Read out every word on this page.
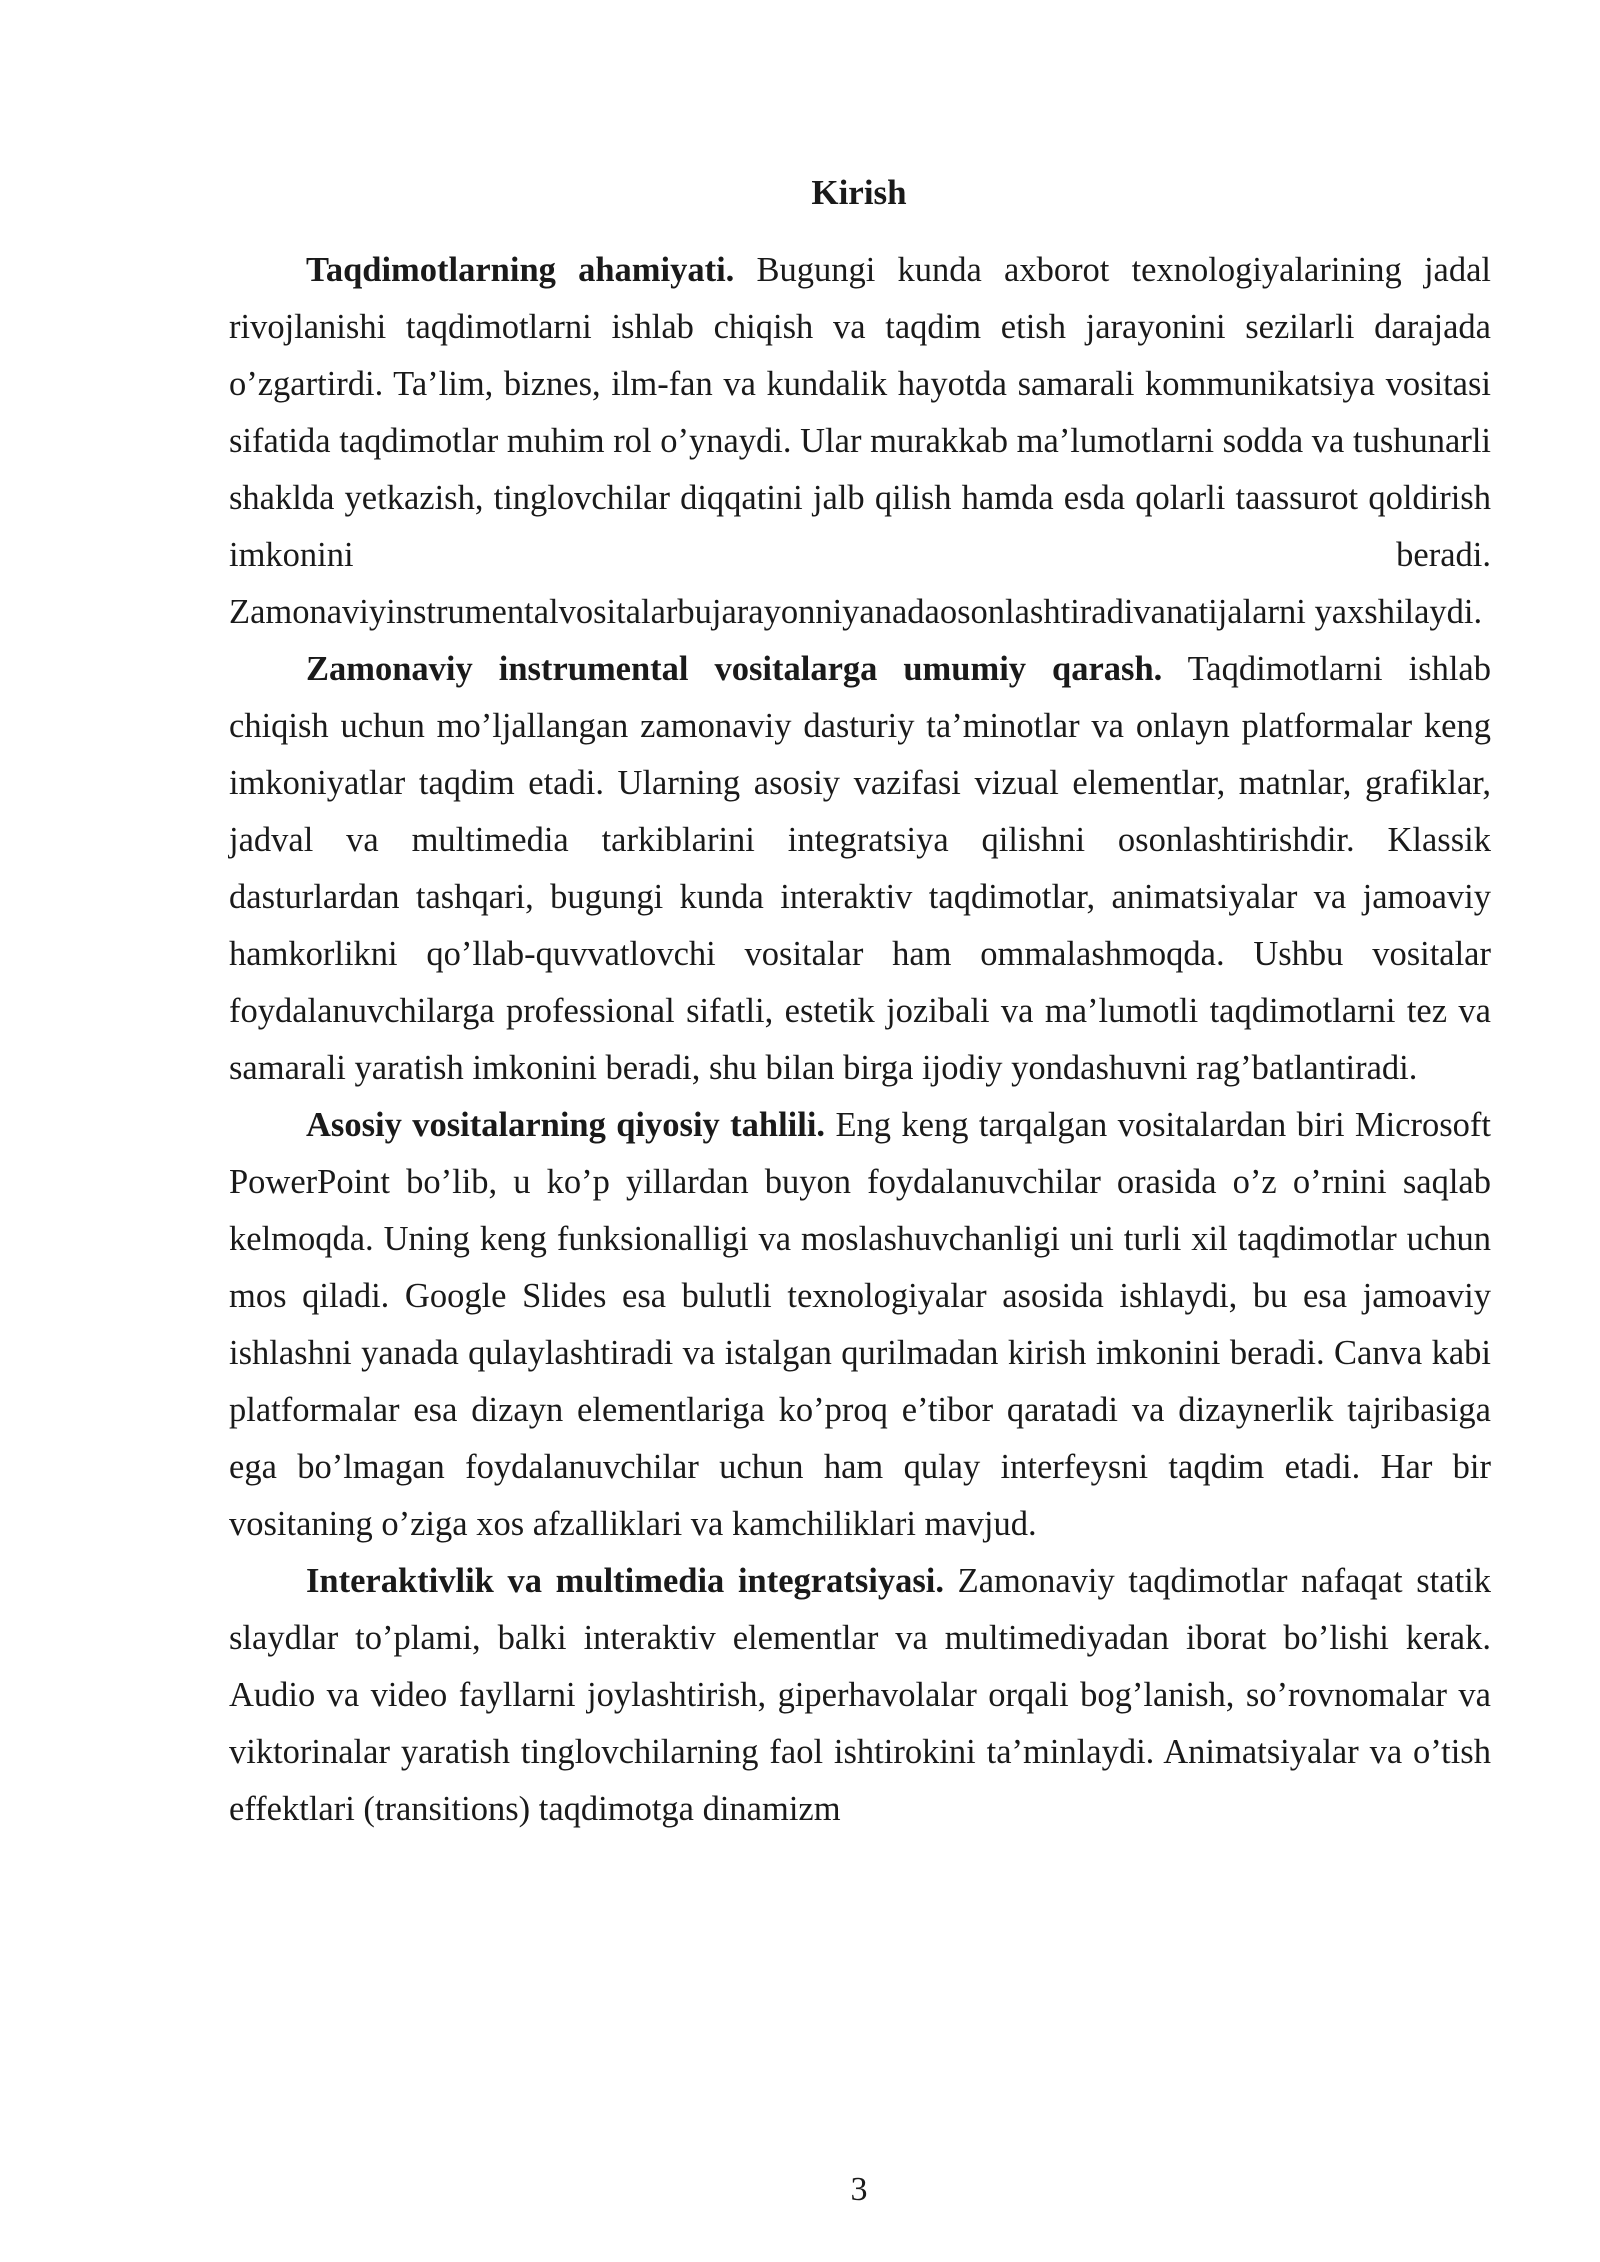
Kirish

Taqdimotlarning ahamiyati. Bugungi kunda axborot texnologiyalarining jadal rivojlanishi taqdimotlarni ishlab chiqish va taqdim etish jarayonini sezilarli darajada o’zgartirdi. Ta’lim, biznes, ilm-fan va kundalik hayotda samarali kommunikatsiya vositasi sifatida taqdimotlar muhim rol o’ynaydi. Ular murakkab ma’lumotlarni sodda va tushunarli shaklda yetkazish, tinglovchilar diqqatini jalb qilish hamda esda qolarli taassurot qoldirish imkonini beradi. Zamonaviyinstrumentalvositalarbujarayonniyanadaosonlashtiradivanatijalarni yaxshilaydi.

Zamonaviy instrumental vositalarga umumiy qarash. Taqdimotlarni ishlab chiqish uchun mo’ljallangan zamonaviy dasturiy ta’minotlar va onlayn platformalar keng imkoniyatlar taqdim etadi. Ularning asosiy vazifasi vizual elementlar, matnlar, grafiklar, jadval va multimedia tarkiblarini integratsiya qilishni osonlashtirishdir. Klassik dasturlardan tashqari, bugungi kunda interaktiv taqdimotlar, animatsiyalar va jamoaviy hamkorlikni qo’llab-quvvatlovchi vositalar ham ommalashmoqda. Ushbu vositalar foydalanuvchilarga professional sifatli, estetik jozibali va ma’lumotli taqdimotlarni tez va samarali yaratish imkonini beradi, shu bilan birga ijodiy yondashuvni rag’batlantiradi.

Asosiy vositalarning qiyosiy tahlili. Eng keng tarqalgan vositalardan biri Microsoft PowerPoint bo’lib, u ko’p yillardan buyon foydalanuvchilar orasida o’z o’rnini saqlab kelmoqda. Uning keng funksionalligi va moslashuvchanligi uni turli xil taqdimotlar uchun mos qiladi. Google Slides esa bulutli texnologiyalar asosida ishlaydi, bu esa jamoaviy ishlashni yanada qulaylashtiradi va istalgan qurilmadan kirish imkonini beradi. Canva kabi platformalar esa dizayn elementlariga ko’proq e’tibor qaratadi va dizaynerlik tajribasiga ega bo’lmagan foydalanuvchilar uchun ham qulay interfeysni taqdim etadi. Har bir vositaning o’ziga xos afzalliklari va kamchiliklari mavjud.

Interaktivlik va multimedia integratsiyasi. Zamonaviy taqdimotlar nafaqat statik slaydlar to’plami, balki interaktiv elementlar va multimediyadan iborat bo’lishi kerak. Audio va video fayllarni joylashtirish, giperhavolalar orqali bog’lanish, so’rovnomalar va viktorinalar yaratish tinglovchilarning faol ishtirokini ta’minlaydi. Animatsiyalar va o’tish effektlari (transitions) taqdimotga dinamizm

3
